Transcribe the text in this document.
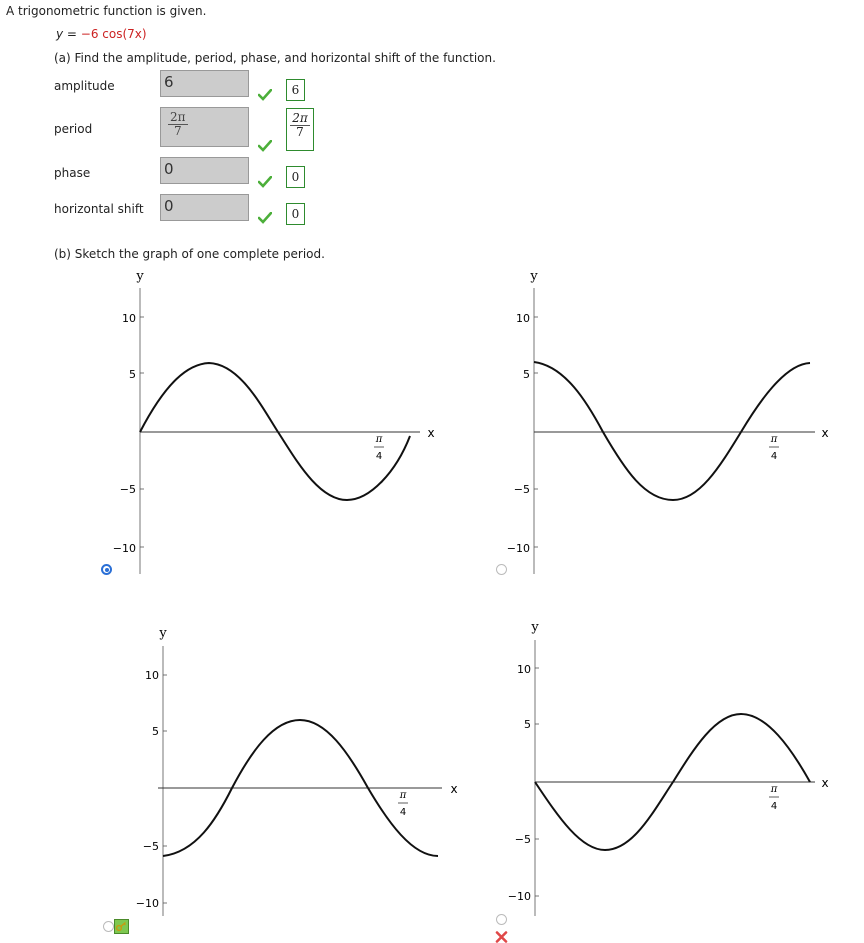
A trigonometric function is given.
y = −6 cos(7x)
(a) Find the amplitude, period, phase, and horizontal shift of the function.
amplitude	6	6
period	$\frac{2\pi}{7}$	$\frac{2\pi}{7}$
phase	0	0
horizontal shift 0	0
(b) Sketch the graph of one complete period.
y
x
10
5
−5
−10
π
4
y
x
10
5
−5
−10
π
4
y
x
10
5
−5
−10
π
4
y
x
10
5
−5
−10
π
4
